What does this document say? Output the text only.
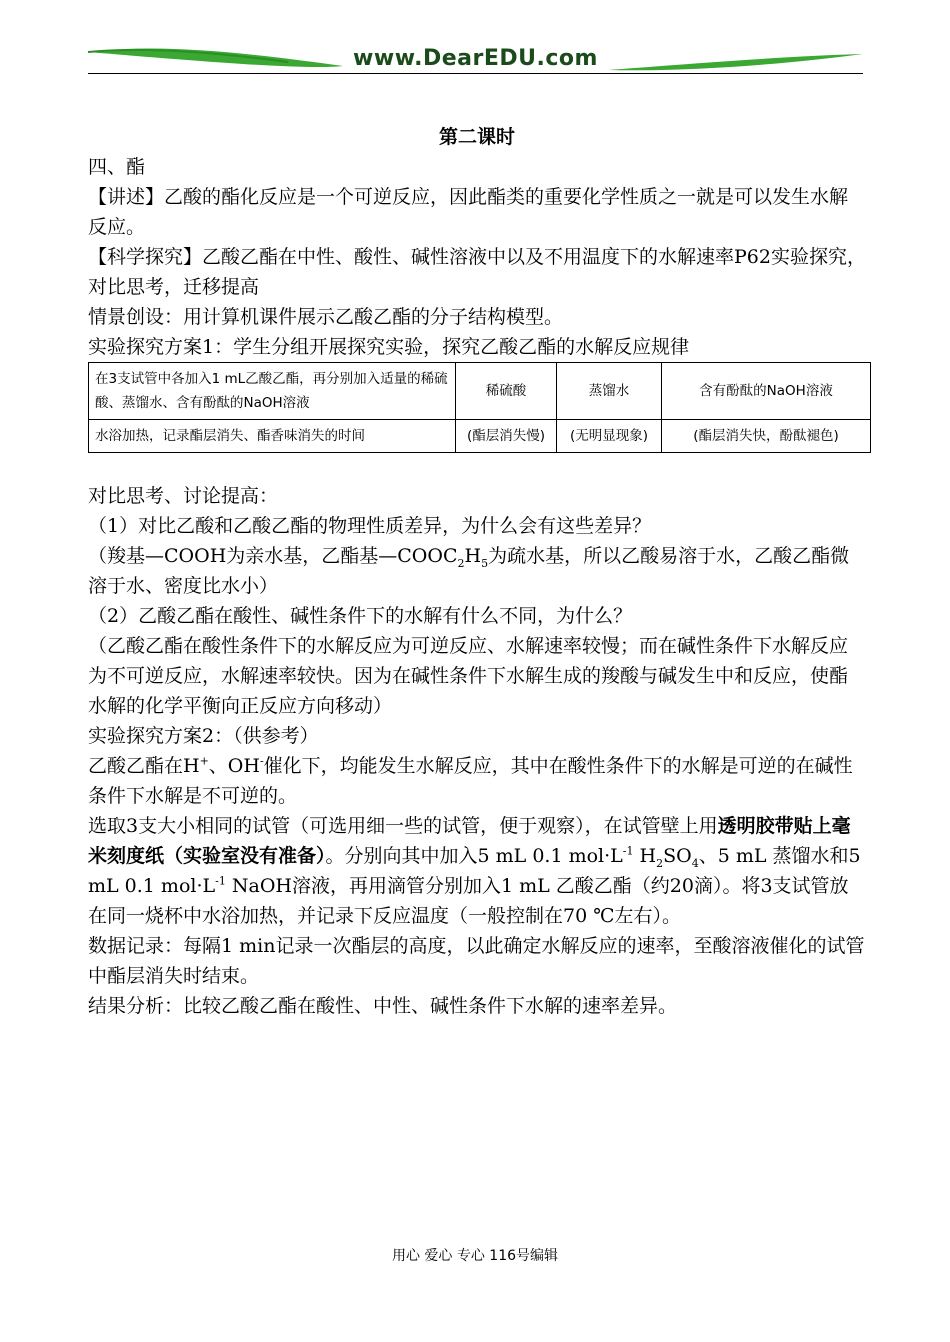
www.DearEDU.com
第二课时

四、酯

【讲述】乙酸的酯化反应是一个可逆反应，因此酯类的重要化学性质之一就是可以发生水解反应。

【科学探究】乙酸乙酯在中性、酸性、碱性溶液中以及不用温度下的水解速率P62实验探究，对比思考，迁移提高

情景创设：用计算机课件展示乙酸乙酯的分子结构模型。

实验探究方案1：学生分组开展探究实验，探究乙酸乙酯的水解反应规律

在3支试管中各加入1 mL乙酸乙酯，再分别加入适量的稀硫酸、蒸馏水、含有酚酞的NaOH溶液	稀硫酸	蒸馏水	含有酚酞的NaOH溶液
水浴加热，记录酯层消失、酯香味消失的时间	(酯层消失慢)	(无明显现象)	(酯层消失快，酚酞褪色)

对比思考、讨论提高：

（1）对比乙酸和乙酸乙酯的物理性质差异，为什么会有这些差异？

（羧基—COOH为亲水基，乙酯基$—COOC_2H_5$为疏水基，所以乙酸易溶于水，乙酸乙酯微溶于水、密度比水小）

（2）乙酸乙酯在酸性、碱性条件下的水解有什么不同，为什么？

（乙酸乙酯在酸性条件下的水解反应为可逆反应、水解速率较慢；而在碱性条件下水解反应为不可逆反应，水解速率较快。因为在碱性条件下水解生成的羧酸与碱发生中和反应，使酯水解的化学平衡向正反应方向移动）

实验探究方案2：（供参考）

乙酸乙酯在H+、OH-催化下，均能发生水解反应，其中在酸性条件下的水解是可逆的在碱性条件下水解是不可逆的。

选取3支大小相同的试管（可选用细一些的试管，便于观察），在试管壁上用透明胶带贴上毫米刻度纸（实验室没有准备）。分别向其中加入5 mL 0.1 $mol\cdot L^{-1}$ $H_2SO_4$、5 mL 蒸馏水和5 mL 0.1 $mol\cdot L^{-1}$ NaOH溶液，再用滴管分别加入1 mL 乙酸乙酯（约20滴）。将3支试管放在同一烧杯中水浴加热，并记录下反应温度（一般控制在70 ℃左右）。

数据记录：每隔1 min记录一次酯层的高度，以此确定水解反应的速率，至酸溶液催化的试管中酯层消失时结束。

结果分析：比较乙酸乙酯在酸性、中性、碱性条件下水解的速率差异。

用心 爱心 专心 116号编辑
